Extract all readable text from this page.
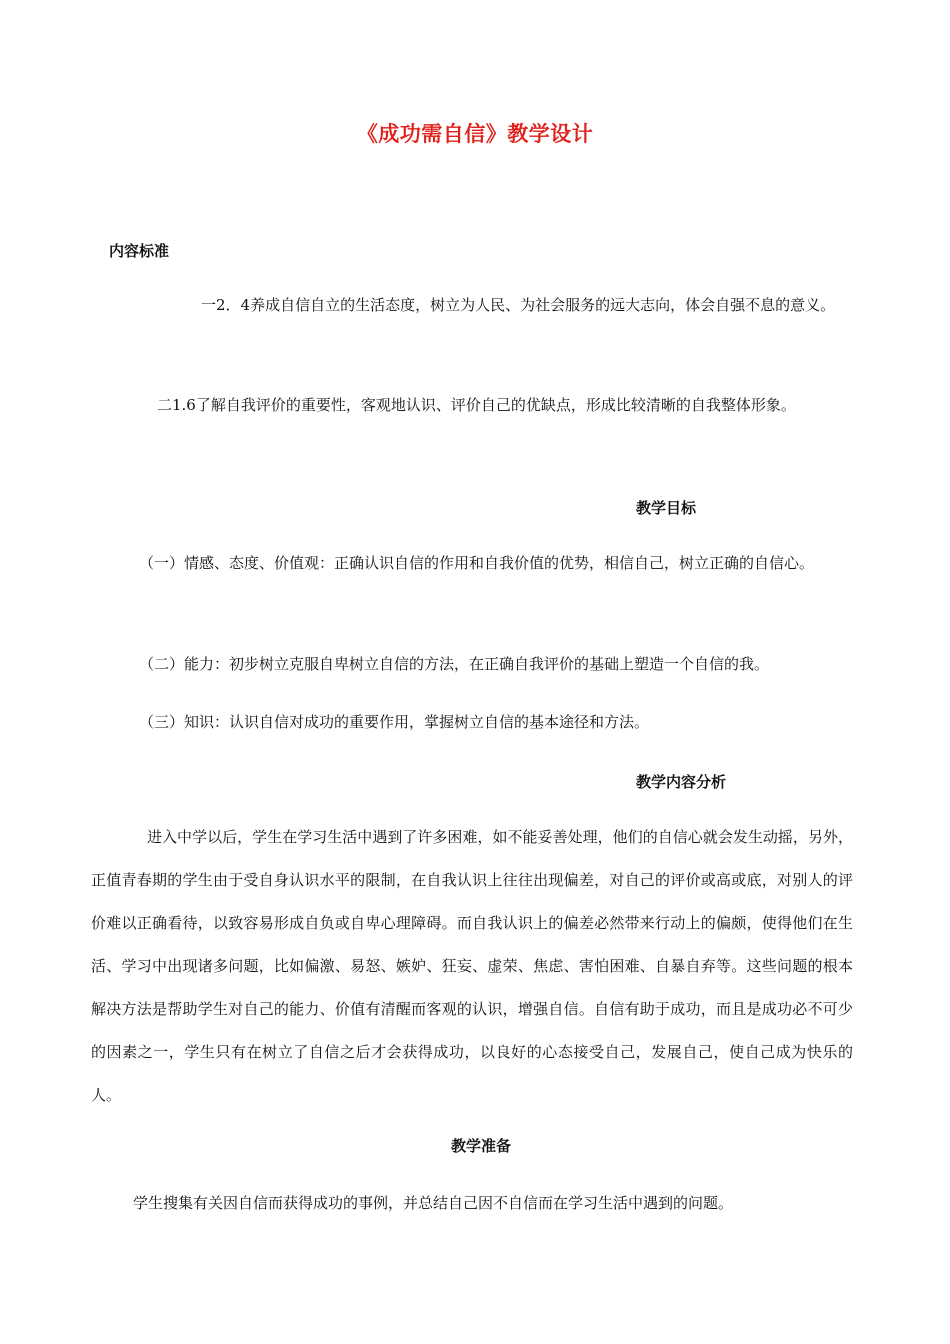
《成功需自信》教学设计
内容标准
一2．4养成自信自立的生活态度，树立为人民、为社会服务的远大志向，体会自强不息的意义。
二1.6了解自我评价的重要性，客观地认识、评价自己的优缺点，形成比较清晰的自我整体形象。
教学目标
（一）情感、态度、价值观：正确认识自信的作用和自我价值的优势，相信自己，树立正确的自信心。
（二）能力：初步树立克服自卑树立自信的方法，在正确自我评价的基础上塑造一个自信的我。
（三）知识：认识自信对成功的重要作用，掌握树立自信的基本途径和方法。
教学内容分析
进入中学以后，学生在学习生活中遇到了许多困难，如不能妥善处理，他们的自信心就会发生动摇，另外，正值青春期的学生由于受自身认识水平的限制，在自我认识上往往出现偏差，对自己的评价或高或底，对别人的评价难以正确看待，以致容易形成自负或自卑心理障碍。而自我认识上的偏差必然带来行动上的偏颇，使得他们在生活、学习中出现诸多问题，比如偏激、易怒、嫉妒、狂妄、虚荣、焦虑、害怕困难、自暴自弃等。这些问题的根本解决方法是帮助学生对自己的能力、价值有清醒而客观的认识，增强自信。自信有助于成功，而且是成功必不可少的因素之一，学生只有在树立了自信之后才会获得成功，以良好的心态接受自己，发展自己，使自己成为快乐的人。
教学准备
学生搜集有关因自信而获得成功的事例，并总结自己因不自信而在学习生活中遇到的问题。
